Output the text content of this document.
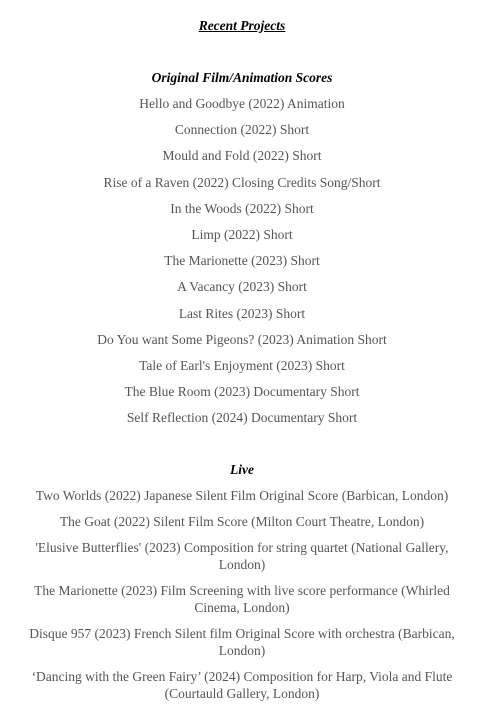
Recent Projects
Original Film/Animation Scores
Hello and Goodbye (2022) Animation
Connection (2022) Short
Mould and Fold (2022) Short
Rise of a Raven (2022) Closing Credits Song/Short
In the Woods (2022) Short
Limp (2022) Short
The Marionette (2023) Short
A Vacancy (2023) Short
Last Rites (2023) Short
Do You want Some Pigeons? (2023) Animation Short
Tale of Earl's Enjoyment (2023) Short
The Blue Room (2023) Documentary Short
Self Reflection (2024) Documentary Short
Live
Two Worlds (2022) Japanese Silent Film Original Score (Barbican, London)
The Goat (2022) Silent Film Score (Milton Court Theatre, London)
'Elusive Butterflies' (2023) Composition for string quartet (National Gallery, London)
The Marionette (2023) Film Screening with live score performance (Whirled Cinema, London)
Disque 957 (2023) French Silent film Original Score with orchestra (Barbican, London)
‘Dancing with the Green Fairy’ (2024) Composition for Harp, Viola and Flute (Courtauld Gallery, London)
